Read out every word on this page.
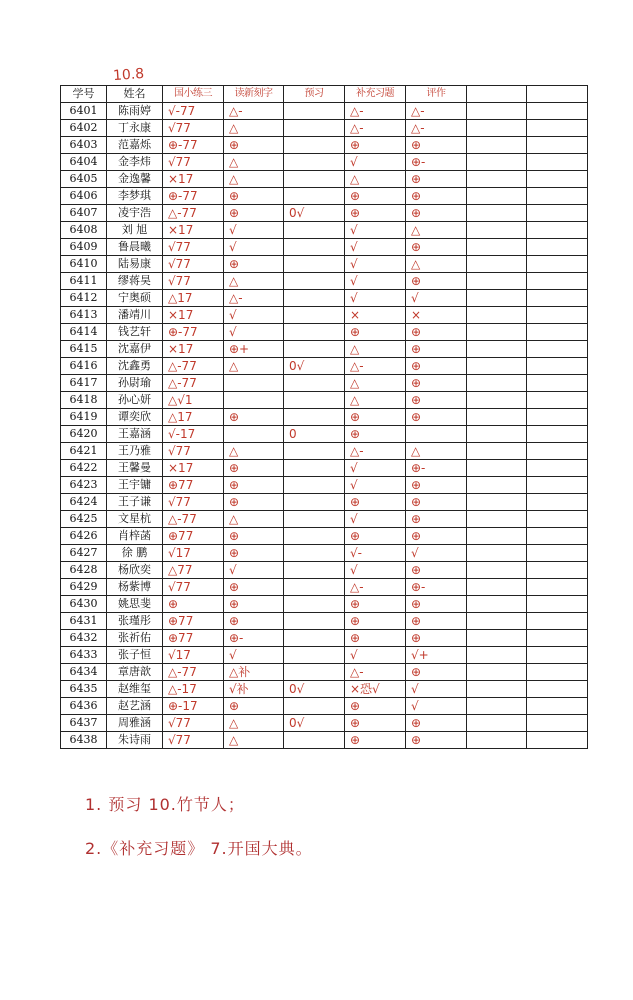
10.8
学号	姓名	国小练三	读新刻字	预习	补充习题	评作		
6401	陈雨婷	√-77	△-		△-	△-		
6402	丁永康	√77	△		△-	△-		
6403	范嘉烁	⊕-77	⊕		⊕	⊕		
6404	金李炜	√77	△		√	⊕-		
6405	金逸馨	×17	△		△	⊕		
6406	李梦琪	⊕-77	⊕		⊕	⊕		
6407	凌宇浩	△-77	⊕	0√	⊕	⊕		
6408	刘 旭	×17	√		√	△		
6409	鲁晨曦	√77	√		√	⊕		
6410	陆易康	√77	⊕		√	△		
6411	缪蒋昊	√77	△		√	⊕		
6412	宁奥硕	△17	△-		√	√		
6413	潘靖川	×17	√		×	×		
6414	钱艺轩	⊕-77	√		⊕	⊕		
6415	沈嘉伊	×17	⊕+		△	⊕		
6416	沈鑫勇	△-77	△	0√	△-	⊕		
6417	孙尉瑜	△-77			△	⊕		
6418	孙心妍	△√1			△	⊕		
6419	谭奕欣	△17	⊕		⊕	⊕		
6420	王嘉涵	√-17		0	⊕			
6421	王乃雅	√77	△		△-	△		
6422	王馨曼	×17	⊕		√	⊕-		
6423	王宇镛	⊕77	⊕		√	⊕		
6424	王子谦	√77	⊕		⊕	⊕		
6425	文星杭	△-77	△		√	⊕		
6426	肖梓菡	⊕77	⊕		⊕	⊕		
6427	徐 鹏	√17	⊕		√-	√		
6428	杨欣奕	△77	√		√	⊕		
6429	杨紫博	√77	⊕		△-	⊕-		
6430	姚思斐	⊕	⊕		⊕	⊕		
6431	张瑾彤	⊕77	⊕		⊕	⊕		
6432	张祈佑	⊕77	⊕-		⊕	⊕		
6433	张子恒	√17	√		√	√+		
6434	章唐歆	△-77	△补		△-	⊕		
6435	赵维玺	△-17	√补	0√	×恐√	√		
6436	赵艺涵	⊕-17	⊕		⊕	√		
6437	周雅涵	√77	△	0√	⊕	⊕		
6438	朱诗雨	√77	△		⊕	⊕		
1. 预习 10.竹节人；
2.《补充习题》 7.开国大典。
